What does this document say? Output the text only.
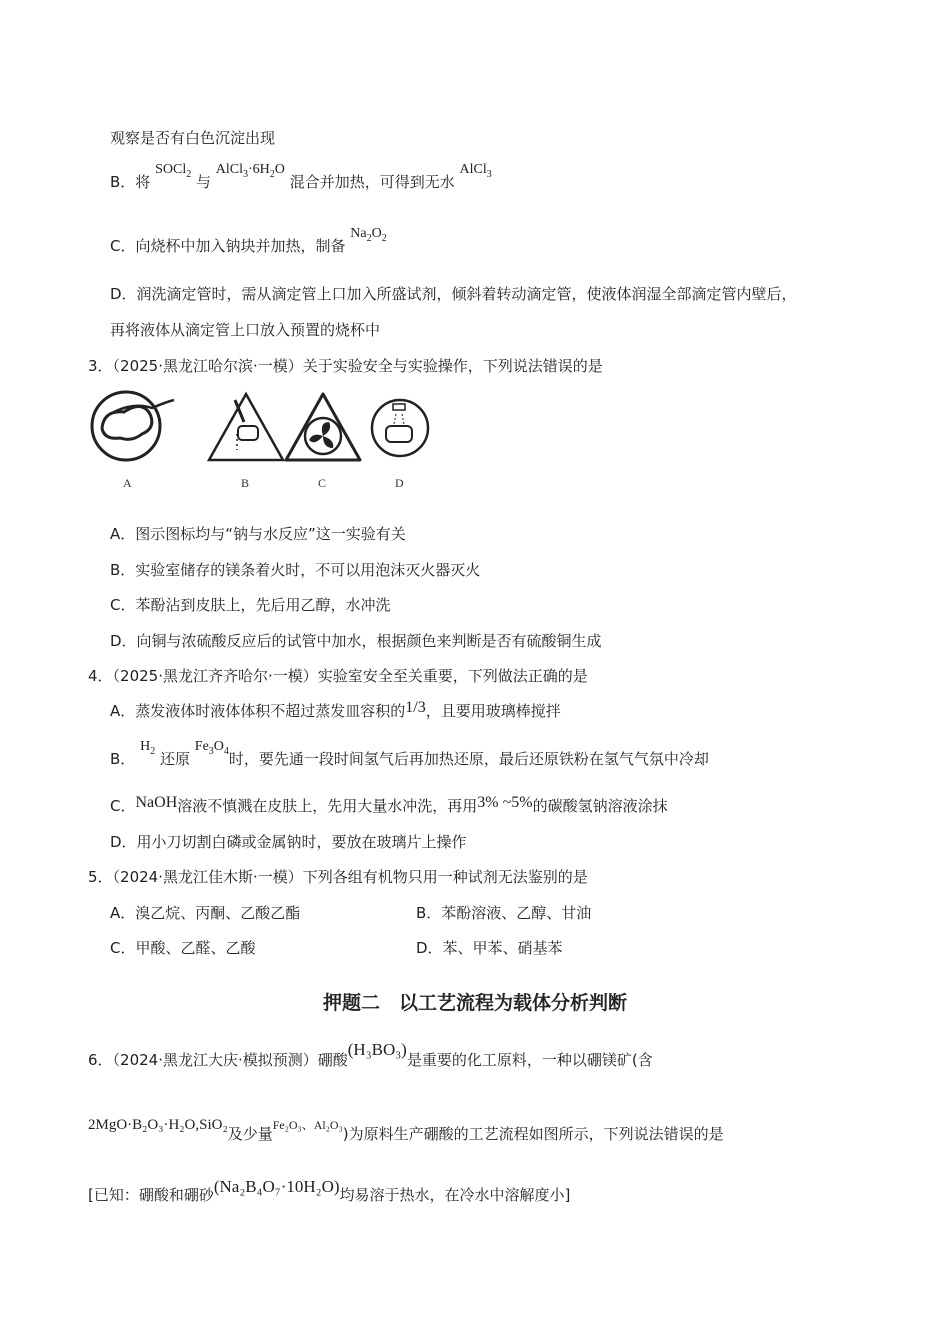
观察是否有白色沉淀出现
B．将 SOCl$_2$ 与 $AlCl_3\cdot 6H_2O$ 混合并加热，可得到无水 AlCl$_3$
C．向烧杯中加入钠块并加热，制备 $Na_2O_2$
D．润洗滴定管时，需从滴定管上口加入所盛试剂，倾斜着转动滴定管，使液体润湿全部滴定管内壁后，
再将液体从滴定管上口放入预置的烧杯中
3．（2025·黑龙江哈尔滨·一模）关于实验安全与实验操作，下列说法错误的是
A	B	C	D
A．图示图标均与“钠与水反应”这一实验有关
B．实验室储存的镁条着火时，不可以用泡沫灭火器灭火
C．苯酚沾到皮肤上，先后用乙醇，水冲洗
D．向铜与浓硫酸反应后的试管中加水，根据颜色来判断是否有硫酸铜生成
4．（2025·黑龙江齐齐哈尔·一模）实验室安全至关重要，下列做法正确的是
A．蒸发液体时液体体积不超过蒸发皿容积的1/3，且要用玻璃棒搅拌
B． $H_2$ 还原 $Fe_3O_4$时，要先通一段时间氢气后再加热还原，最后还原铁粉在氢气气氛中冷却
C．NaOH溶液不慎溅在皮肤上，先用大量水冲洗，再用3% ~5%的碳酸氢钠溶液涂抹
D．用小刀切割白磷或金属钠时，要放在玻璃片上操作
5．（2024·黑龙江佳木斯·一模）下列各组有机物只用一种试剂无法鉴别的是
A．溴乙烷、丙酮、乙酸乙酯	B．苯酚溶液、乙醇、甘油
C．甲酸、乙醛、乙酸	D．苯、甲苯、硝基苯
押题二　以工艺流程为载体分析判断
6．（2024·黑龙江大庆·模拟预测）硼酸(H₃BO₃)是重要的化工原料，一种以硼镁矿(含
2MgO·B₂O₃·H₂O,SiO₂及少量$^{Fe_2O_3、Al_2O_3}$)为原料生产硼酸的工艺流程如图所示，下列说法错误的是
[已知：硼酸和硼砂(Na₂B₄O₇·10H₂O)均易溶于热水，在冷水中溶解度小]
